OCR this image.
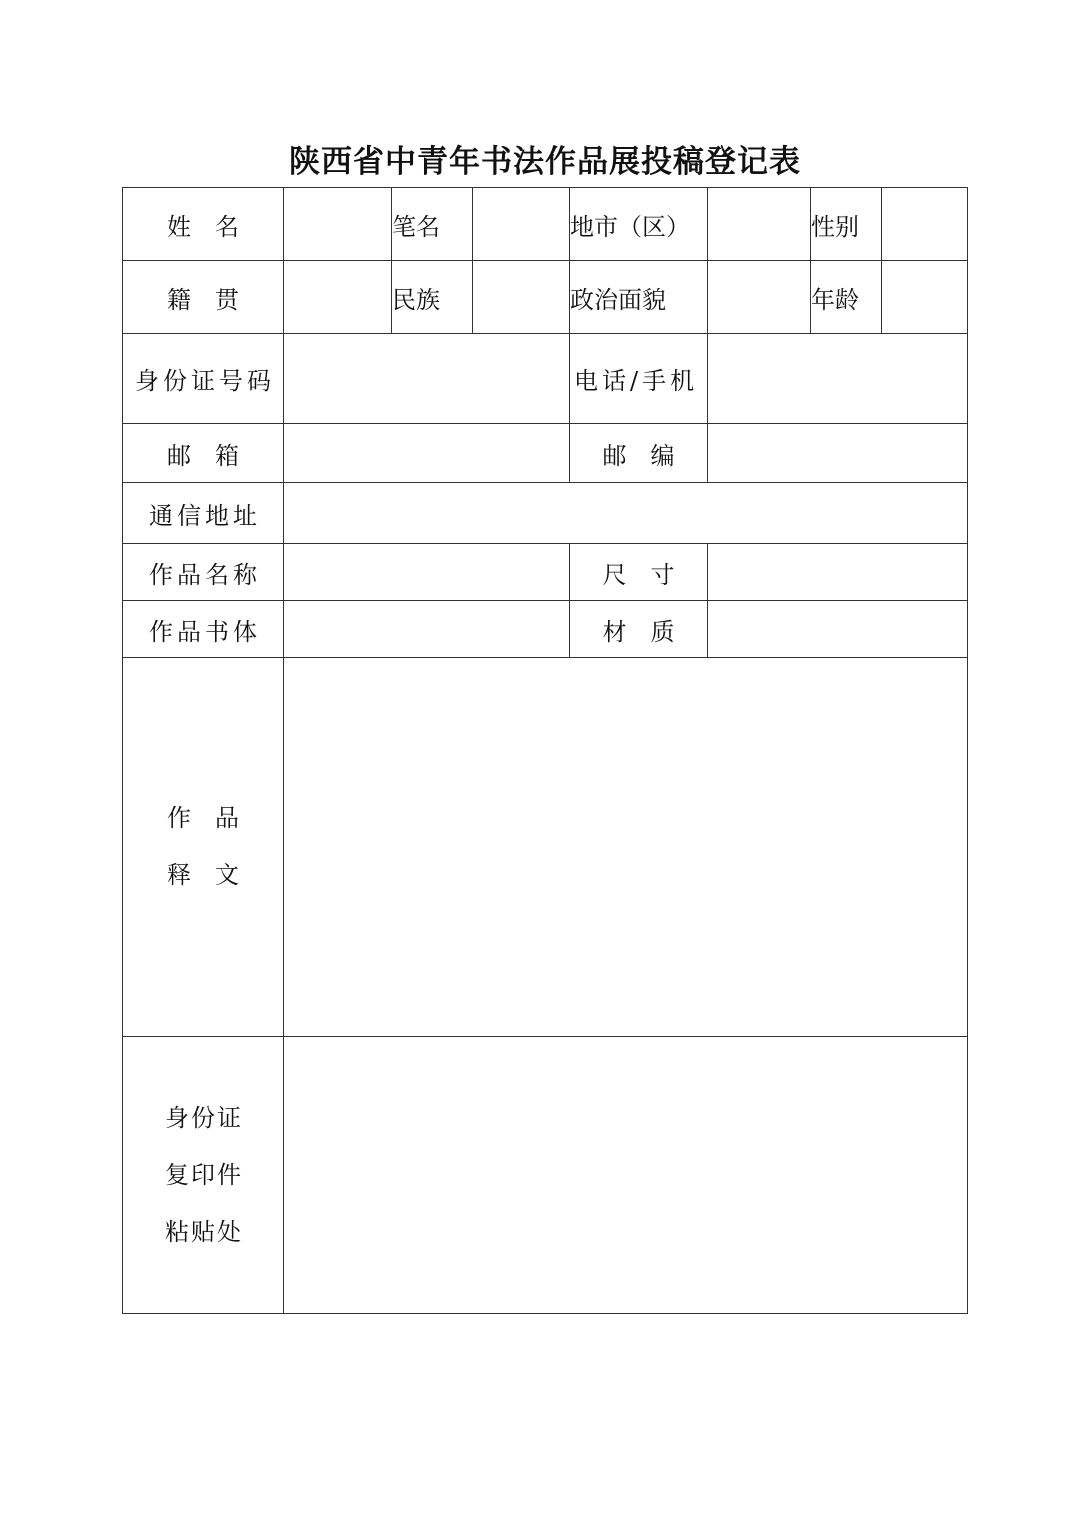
陕西省中青年书法作品展投稿登记表
姓名		笔名		地市（区）		性别	
籍贯		民族		政治面貌		年龄	
身份证号码				电话/手机			
邮箱				邮编			
通信地址							
作品名称				尺寸			
作品书体				材质			

作品
释文							

身份证
复印件
粘贴处							
